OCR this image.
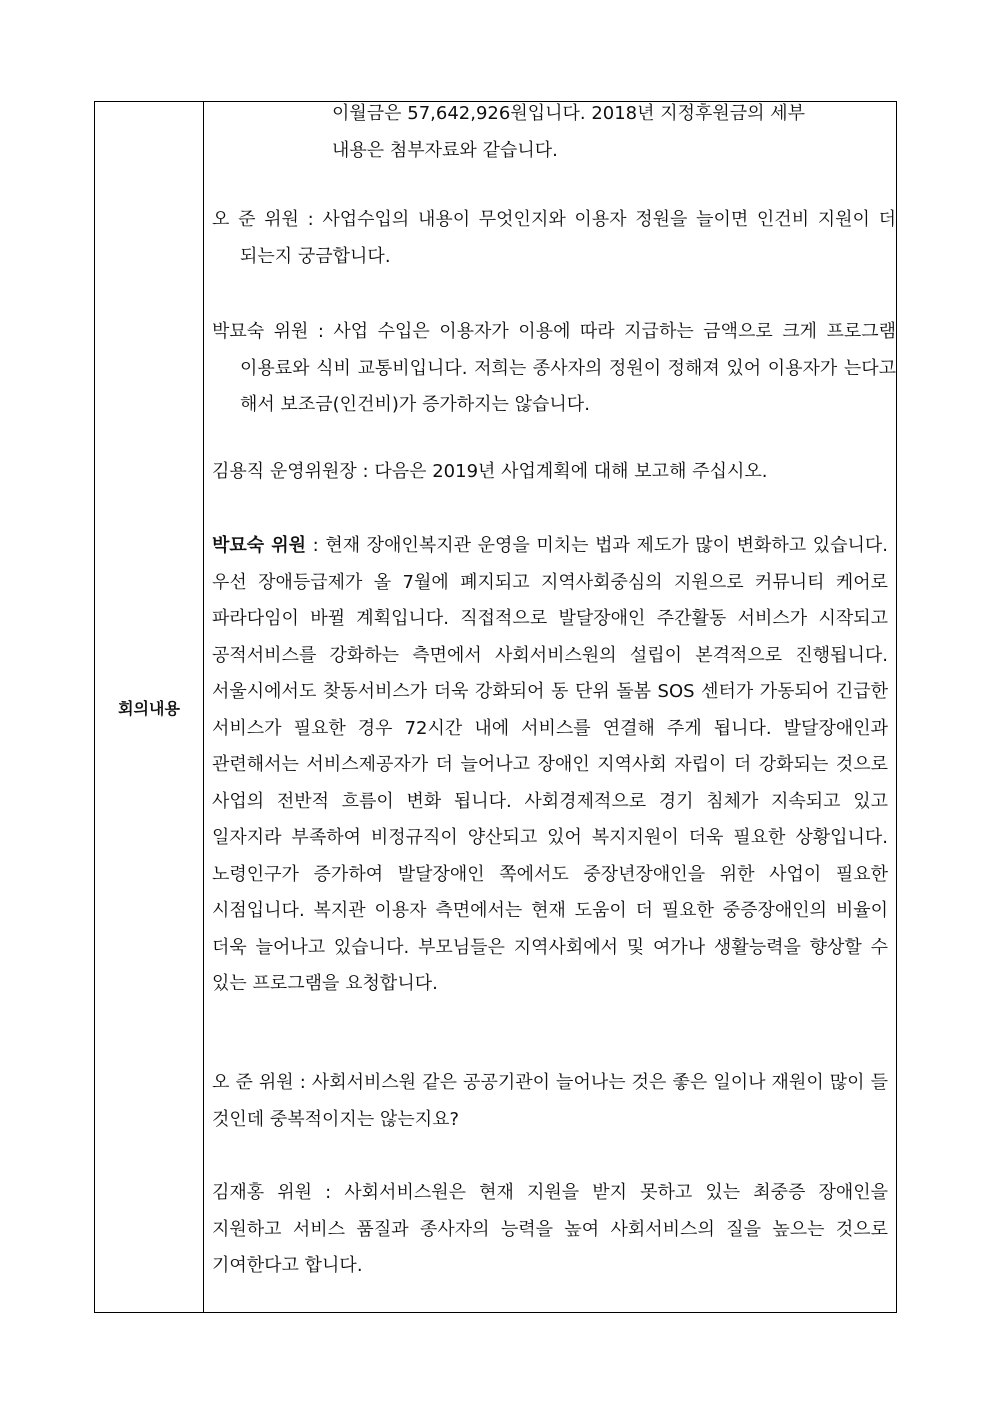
회의내용

이월금은 57,642,926원입니다. 2018년 지정후원금의 세부 내용은 첨부자료와 같습니다.

오 준 위원 : 사업수입의 내용이 무엇인지와 이용자 정원을 늘이면 인건비 지원이 더 되는지 궁금합니다.

박묘숙 위원 : 사업 수입은 이용자가 이용에 따라 지급하는 금액으로 크게 프로그램 이용료와 식비 교통비입니다. 저희는 종사자의 정원이 정해져 있어 이용자가 는다고 해서 보조금(인건비)가 증가하지는 않습니다.

김용직 운영위원장 : 다음은 2019년 사업계획에 대해 보고해 주십시오.

박묘숙 위원 : 현재 장애인복지관 운영을 미치는 법과 제도가 많이 변화하고 있습니다. 우선 장애등급제가 올 7월에 폐지되고 지역사회중심의 지원으로 커뮤니티 케어로 파라다임이 바뀔 계획입니다. 직접적으로 발달장애인 주간활동 서비스가 시작되고 공적서비스를 강화하는 측면에서 사회서비스원의 설립이 본격적으로 진행됩니다. 서울시에서도 찾동서비스가 더욱 강화되어 동 단위 돌봄 SOS 센터가 가동되어 긴급한 서비스가 필요한 경우 72시간 내에 서비스를 연결해 주게 됩니다. 발달장애인과 관련해서는 서비스제공자가 더 늘어나고 장애인 지역사회 자립이 더 강화되는 것으로 사업의 전반적 흐름이 변화 됩니다. 사회경제적으로 경기 침체가 지속되고 있고 일자지라 부족하여 비정규직이 양산되고 있어 복지지원이 더욱 필요한 상황입니다. 노령인구가 증가하여 발달장애인 쪽에서도 중장년장애인을 위한 사업이 필요한 시점입니다. 복지관 이용자 측면에서는 현재 도움이 더 필요한 중증장애인의 비율이 더욱 늘어나고 있습니다. 부모님들은 지역사회에서 및 여가나 생활능력을 향상할 수 있는 프로그램을 요청합니다.

오 준 위원 : 사회서비스원 같은 공공기관이 늘어나는 것은 좋은 일이나 재원이 많이 들 것인데 중복적이지는 않는지요?

김재홍 위원 : 사회서비스원은 현재 지원을 받지 못하고 있는 최중증 장애인을 지원하고 서비스 품질과 종사자의 능력을 높여 사회서비스의 질을 높으는 것으로 기여한다고 합니다.
